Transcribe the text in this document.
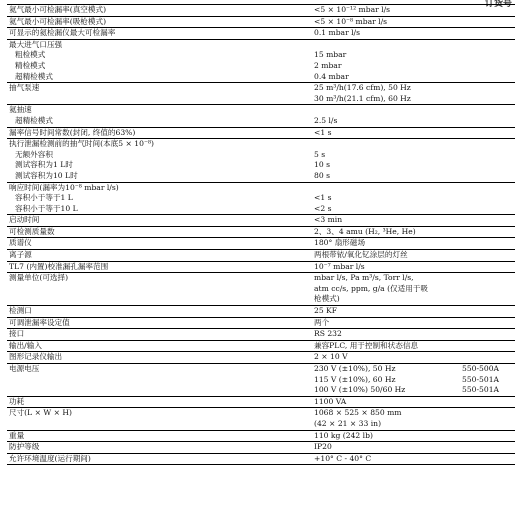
订货号
氦气最小可检漏率(真空模式)	<5 × 10⁻¹² mbar l/s
氦气最小可检漏率(吸枪模式)	<5 × 10⁻⁸ mbar l/s
可显示的氦检漏仪最大可检漏率	0.1 mbar l/s
最大进气口压强
粗检模式	15 mbar
精检模式	2 mbar
超精检模式	0.4 mbar
抽气泵速	25 m³/h(17.6 cfm), 50 Hz
30 m³/h(21.1 cfm), 60 Hz
氦抽速
超精检模式	2.5 l/s
漏率信号时间常数(封闭, 终值的63%)	<1 s
执行泄漏检测前的抽气时间(本底5 × 10⁻⁸)
无额外容积	5 s
测试容积为1 L时	10 s
测试容积为10 L时	80 s
响应时间(漏率为10⁻⁸ mbar l/s)
容积小于等于1 L	<1 s
容积小于等于10 L	<2 s
启动时间	<3 min
可检测质量数	2、3、4 amu (H₂, ³He, He)
质谱仪	180° 扇形磁场
离子源	两根带铱/氧化钇涂层的灯丝
TL7 (内置)校准漏孔漏率范围	10⁻⁷ mbar l/s
测量单位(可选择)	mbar l/s, Pa m³/s, Torr l/s,
atm cc/s, ppm, g/a (仅适用于吸
枪模式)
检测口	25 KF
可调泄漏率设定值	两个
接口	RS 232
输出/输入	兼容PLC, 用于控制和状态信息
图形记录仪输出	2 × 10 V
电源电压	230 V (±10%), 50 Hz	550-500A
115 V (±10%), 60 Hz	550-501A
100 V (±10%) 50/60 Hz	550-501A
功耗	1100 VA
尺寸(L × W × H)	1068 × 525 × 850 mm
(42 × 21 × 33 in)
重量	110 kg (242 lb)
防护等级	IP20
允许环境温度(运行期间)	+10° C - 40° C
